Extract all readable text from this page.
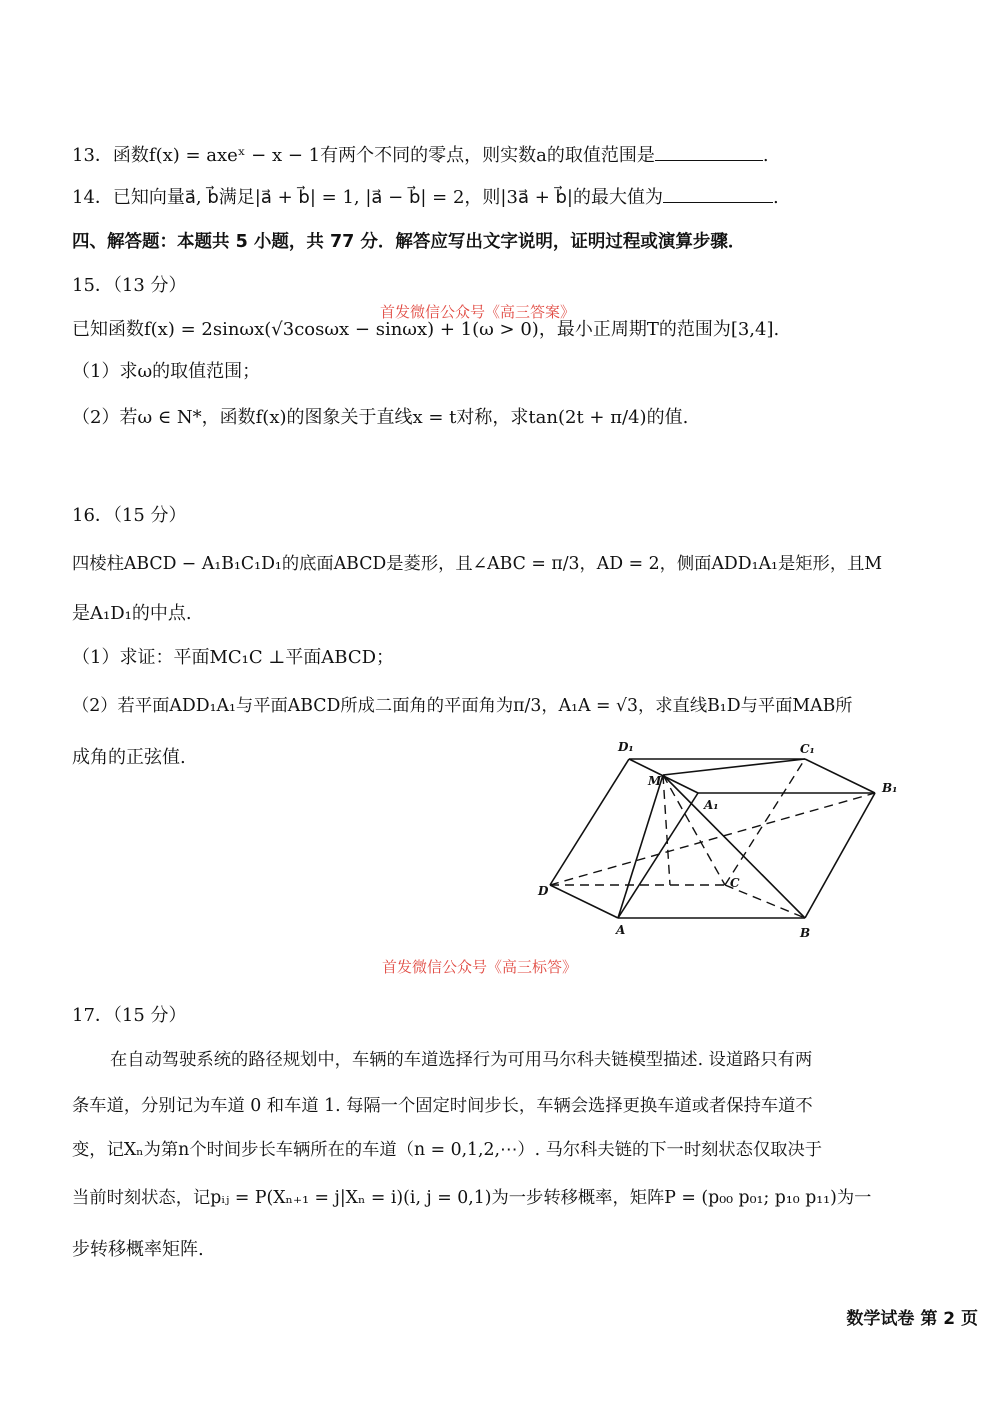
13．函数f(x) = axeˣ − x − 1有两个不同的零点，则实数a的取值范围是	.
14．已知向量a⃗, b⃗满足|a⃗ + b⃗| = 1, |a⃗ − b⃗| = 2，则|3a⃗ + b⃗|的最大值为	.
四、解答题：本题共 5 小题，共 77 分．解答应写出文字说明，证明过程或演算步骤．
15．（13 分）
首发微信公众号《高三答案》
已知函数f(x) = 2sinωx(√3cosωx − sinωx) + 1(ω > 0)，最小正周期T的范围为[3,4].
（1）求ω的取值范围；
（2）若ω ∈ N*，函数f(x)的图象关于直线x = t对称，求tan(2t + π/4)的值.
16．（15 分）
四棱柱ABCD − A₁B₁C₁D₁的底面ABCD是菱形，且∠ABC = π/3，AD = 2，侧面ADD₁A₁是矩形，且M
是A₁D₁的中点.
（1）求证：平面MC₁C ⊥平面ABCD；
（2）若平面ADD₁A₁与平面ABCD所成二面角的平面角为π/3，A₁A = √3，求直线B₁D与平面MAB所
成角的正弦值.	D₁	C₁
B₁
M
A₁
C
D
A	B
首发微信公众号《高三标答》
17．（15 分）
在自动驾驶系统的路径规划中，车辆的车道选择行为可用马尔科夫链模型描述. 设道路只有两
条车道，分别记为车道 0 和车道 1. 每隔一个固定时间步长，车辆会选择更换车道或者保持车道不
变，记Xₙ为第n个时间步长车辆所在的车道（n = 0,1,2,⋯）. 马尔科夫链的下一时刻状态仅取决于
当前时刻状态，记pᵢⱼ = P(Xₙ₊₁ = j|Xₙ = i)(i, j = 0,1)为一步转移概率，矩阵P = (p₀₀ p₀₁; p₁₀ p₁₁)为一
步转移概率矩阵.
数学试卷 第 2 页
